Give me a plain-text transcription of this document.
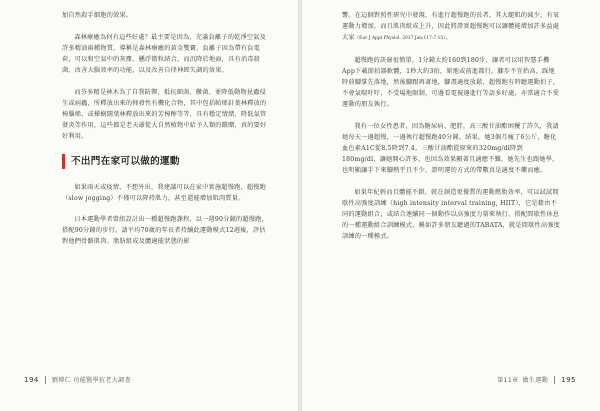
加自然殺手細胞的效果。

森林療癒為何有這些好處？最主要是因為，充滿負離子的乾淨空氣及許多精油兩種物質，導稱是森林療癒的黃金雙寶。負離子因為帶有負電荷，可以和空氣中的灰塵、懸浮微粒結合，而沉降於地面，具有消毒殺菌、改善大腦效率的功能，以及改善自律神經失調的效果。

而芬多精是林木為了自我防禦，抵抗細菌、黴菌、並降低動物昆蟲侵生或病蟲，所釋放出來的揮發性有機化合物，其中包括帕烯針葉林釋放的樟腦烯，或樺樹闊葉林釋放出來的芳樟醇等等，具有穩定情緒、降低氣管發炎等作用，這些都是老天爺從大自然植物中給予人類的饋贈，真的要好好利用。

不出門在家可以做的運動

如果雨天或疫情，不想外出，我建議可以在家中實施超慢跑，超慢跑（slow jogging）不僅可以降持肌力，甚至還能增加肌肉質量。

日本運動學者曾組設計出一種超慢跑課程，以一週90分鐘的超慢跑，搭配90分鐘的步行，請平均70歲的年長者持續此運動模式12週後，評估對他們骨骼肌肉、脂肪組成及體適能狀態的影

194 劉博仁 功能醫學抗老大調查

響。在這個對照性研究中發現，有進行超慢跑的長者，其大腿肌的減少，有氧運動力增加，而且肌肉組成上升，因此將證實超慢跑可以讓體能增加許多益處大家（Eur J Appl Physiol. 2017 Jan;117:7-15）。

超慢跑的訣竅很簡單，1分鐘大約160到180步，讓者可以用智慧手機App下載節拍器軟體，1秒大約3拍，原地或前進都行，腳步不宜抬高，踩地時前腳掌先落地，然後腳跟再著地，腳盡適度放鬆，超慢跑有時聽運動拍子，不會氣喘吁吁，不受場地限制，可邊看電視邊進行等語多好處，亦常適合不愛運動的朋友執行。

我有一位女性患者，因為糖尿病、肥胖，高三酸甘油酯困擾了許久，我請她每天一邊超慢，一邊執行超慢跑40分鐘，結果，她3個月瘦了6公斤，糖化血色素A1C從8.5降到7.4，三酸甘油酯從原來的320mg/dl降到180mg/dl，讓她開心許多，也因為效果顯著且適應不難，她先生也跟她學，也明顯讓手下來腳熱乎且不少，證明運的方式的帶數真是適度不藥而癒。

如果年紀輕而且體能不錯，就在創造更優質的運動燃脂效率，可以試試間歇性高強度訓練（high intensity interval training, HIIT），它是藉由不同的運動組合，或結合連續同一個動作以高強度力量來執行，搭配間歇性休息的一種運動組合訓練模式，稱如許多朋友聽過的TABATA，就是間歇性高強度訓練的一種模式。

第11章 做生運動 195
